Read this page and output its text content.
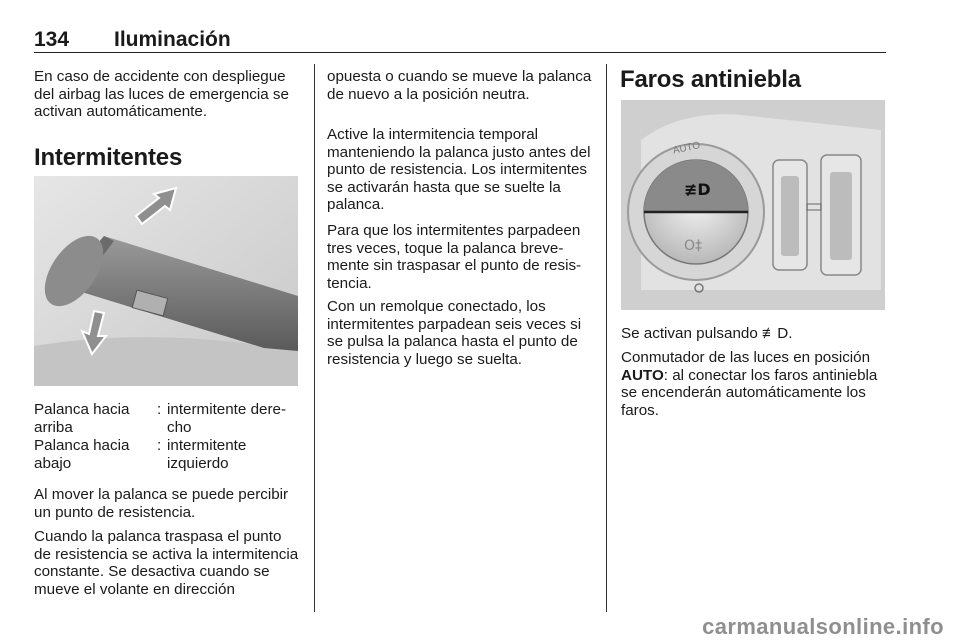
134 Iluminación

En caso de accidente con despliegue del airbag las luces de emergencia se activan automáticamente.

Intermitentes
Palanca hacia arriba
: intermitente derecho
Palanca hacia abajo
: intermitente izquierdo

Al mover la palanca se puede percibir un punto de resistencia.

Cuando la palanca traspasa el punto de resistencia se activa la intermitencia constante. Se desactiva cuando se mueve el volante en dirección

opuesta o cuando se mueve la palanca de nuevo a la posición neutra.

Active la intermitencia temporal manteniendo la palanca justo antes del punto de resistencia. Los intermitentes se activarán hasta que se suelte la palanca.

Para que los intermitentes parpadeen tres veces, toque la palanca brevemente sin traspasar el punto de resistencia.

Con un remolque conectado, los intermitentes parpadean seis veces si se pulsa la palanca hasta el punto de resistencia y luego se suelta.

Faros antiniebla
≢D
O‡
AUTO

Se activan pulsando ≢D.

Conmutador de las luces en posición AUTO: al conectar los faros antiniebla se encenderán automáticamente los faros.

carmanualsonline.info
